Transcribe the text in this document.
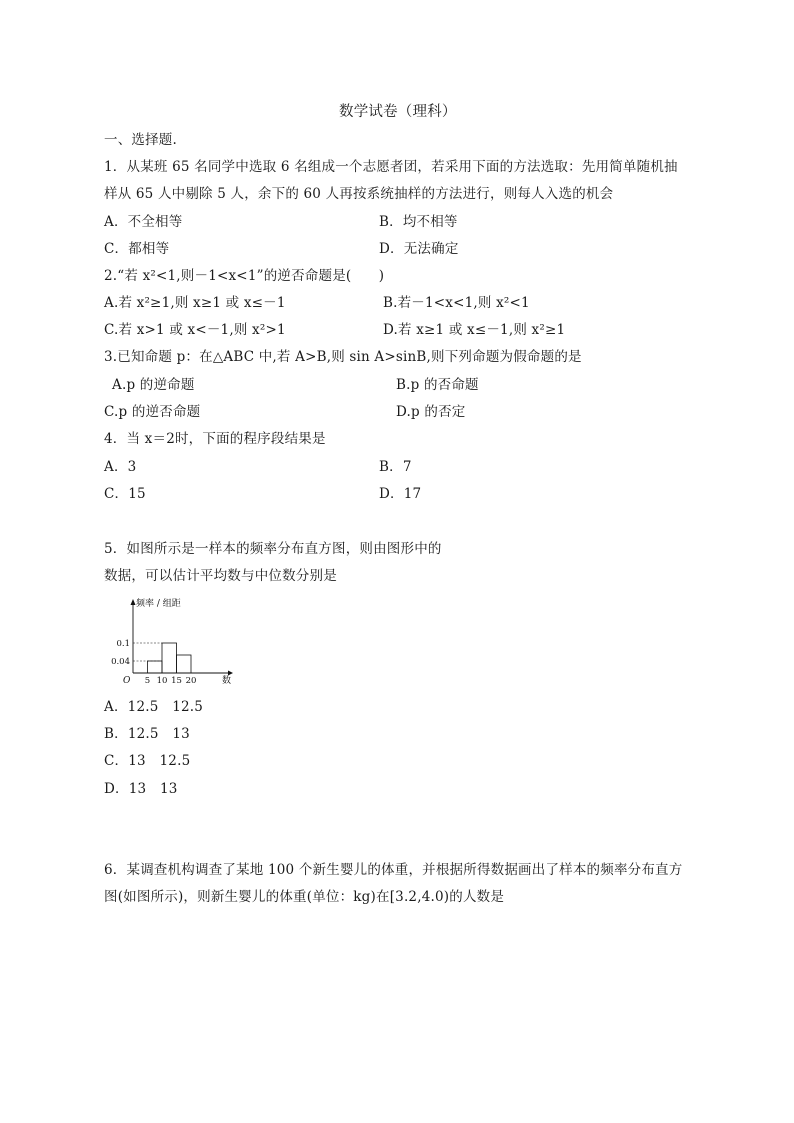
数学试卷（理科）
一、选择题.
1．从某班 65 名同学中选取 6 名组成一个志愿者团，若采用下面的方法选取：先用简单随机抽
样从 65 人中剔除 5 人，余下的 60 人再按系统抽样的方法进行，则每人入选的机会
A．不全相等	B．均不相等
C．都相等	D．无法确定
2.“若 x²<1,则－1<x<1”的逆否命题是(　　)
A.若 x²≥1,则 x≥1 或 x≤－1	B.若－1<x<1,则 x²<1
C.若 x>1 或 x<－1,则 x²>1	D.若 x≥1 或 x≤－1,则 x²≥1
3.已知命题 p：在△ABC 中,若 A>B,则 sin A>sinB,则下列命题为假命题的是
A.p 的逆命题	B.p 的否命题
C.p 的逆否命题	D.p 的否定
4．当 x＝2时，下面的程序段结果是
A．3	B．7
C．15	D．17
5．如图所示是一样本的频率分布直方图，则由图形中的
数据，可以估计平均数与中位数分别是
0.04
0.1
5 10 15 20
O	数
频率 / 组距
A．12.5　12.5
B．12.5　13
C．13　12.5
D．13　13
6．某调查机构调查了某地 100 个新生婴儿的体重，并根据所得数据画出了样本的频率分布直方
图(如图所示)，则新生婴儿的体重(单位：kg)在[3.2,4.0)的人数是
